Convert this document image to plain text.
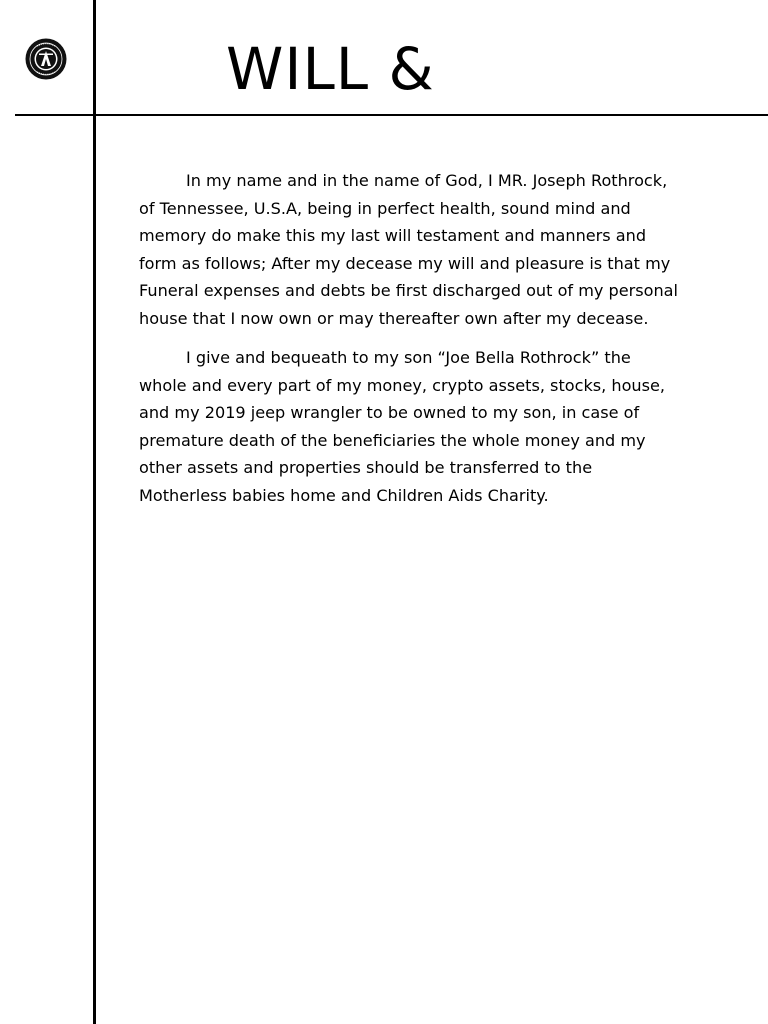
WILL &

In my name and in the name of God, I MR. Joseph Rothrock, of Tennessee, U.S.A, being in perfect health, sound mind and memory do make this my last will testament and manners and form as follows; After my decease my will and pleasure is that my Funeral expenses and debts be first discharged out of my personal house that I now own or may thereafter own after my decease.

I give and bequeath to my son “Joe Bella Rothrock” the whole and every part of my money, crypto assets, stocks, house, and my 2019 jeep wrangler to be owned to my son, in case of premature death of the beneficiaries the whole money and my other assets and properties should be transferred to the Motherless babies home and Children Aids Charity.
